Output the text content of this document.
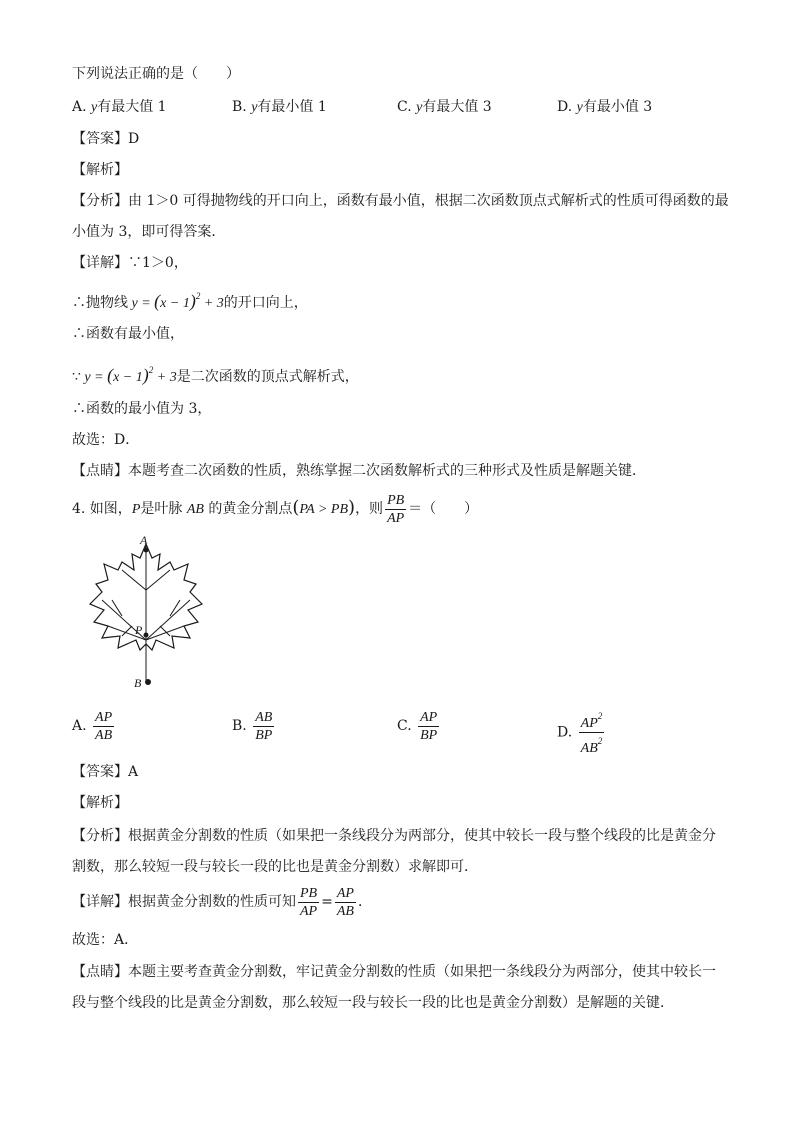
下列说法正确的是（　　）
A. y有最大值 1	B. y有最小值 1	C. y有最大值 3	D. y有最小值 3
【答案】D
【解析】
【分析】由 1＞0 可得抛物线的开口向上，函数有最小值，根据二次函数顶点式解析式的性质可得函数的最
小值为 3，即可得答案．
【详解】∵1＞0，
∴抛物线 $y = (x - 1)^2 + 3$的开口向上，
∴函数有最小值，
∵ $y = (x - 1)^2 + 3$是二次函数的顶点式解析式，
∴函数的最小值为 3，
故选：D．
【点睛】本题考查二次函数的性质，熟练掌握二次函数解析式的三种形式及性质是解题关键．
4. 如图，P是叶脉 AB 的黄金分割点(PA > PB)，则 $\frac{PB}{AP}$ ＝（　　）
A
P
B
A. $\frac{AP}{AB}$	B. $\frac{AB}{BP}$	C. $\frac{AP}{BP}$	D. $\frac{AP^2}{AB^2}$
【答案】A
【解析】
【分析】根据黄金分割数的性质（如果把一条线段分为两部分，使其中较长一段与整个线段的比是黄金分
割数，那么较短一段与较长一段的比也是黄金分割数）求解即可．
【详解】根据黄金分割数的性质可知 $\frac{PB}{AP} = \frac{AP}{AB}$ ．
故选：A．
【点睛】本题主要考查黄金分割数，牢记黄金分割数的性质（如果把一条线段分为两部分，使其中较长一
段与整个线段的比是黄金分割数，那么较短一段与较长一段的比也是黄金分割数）是解题的关键．
